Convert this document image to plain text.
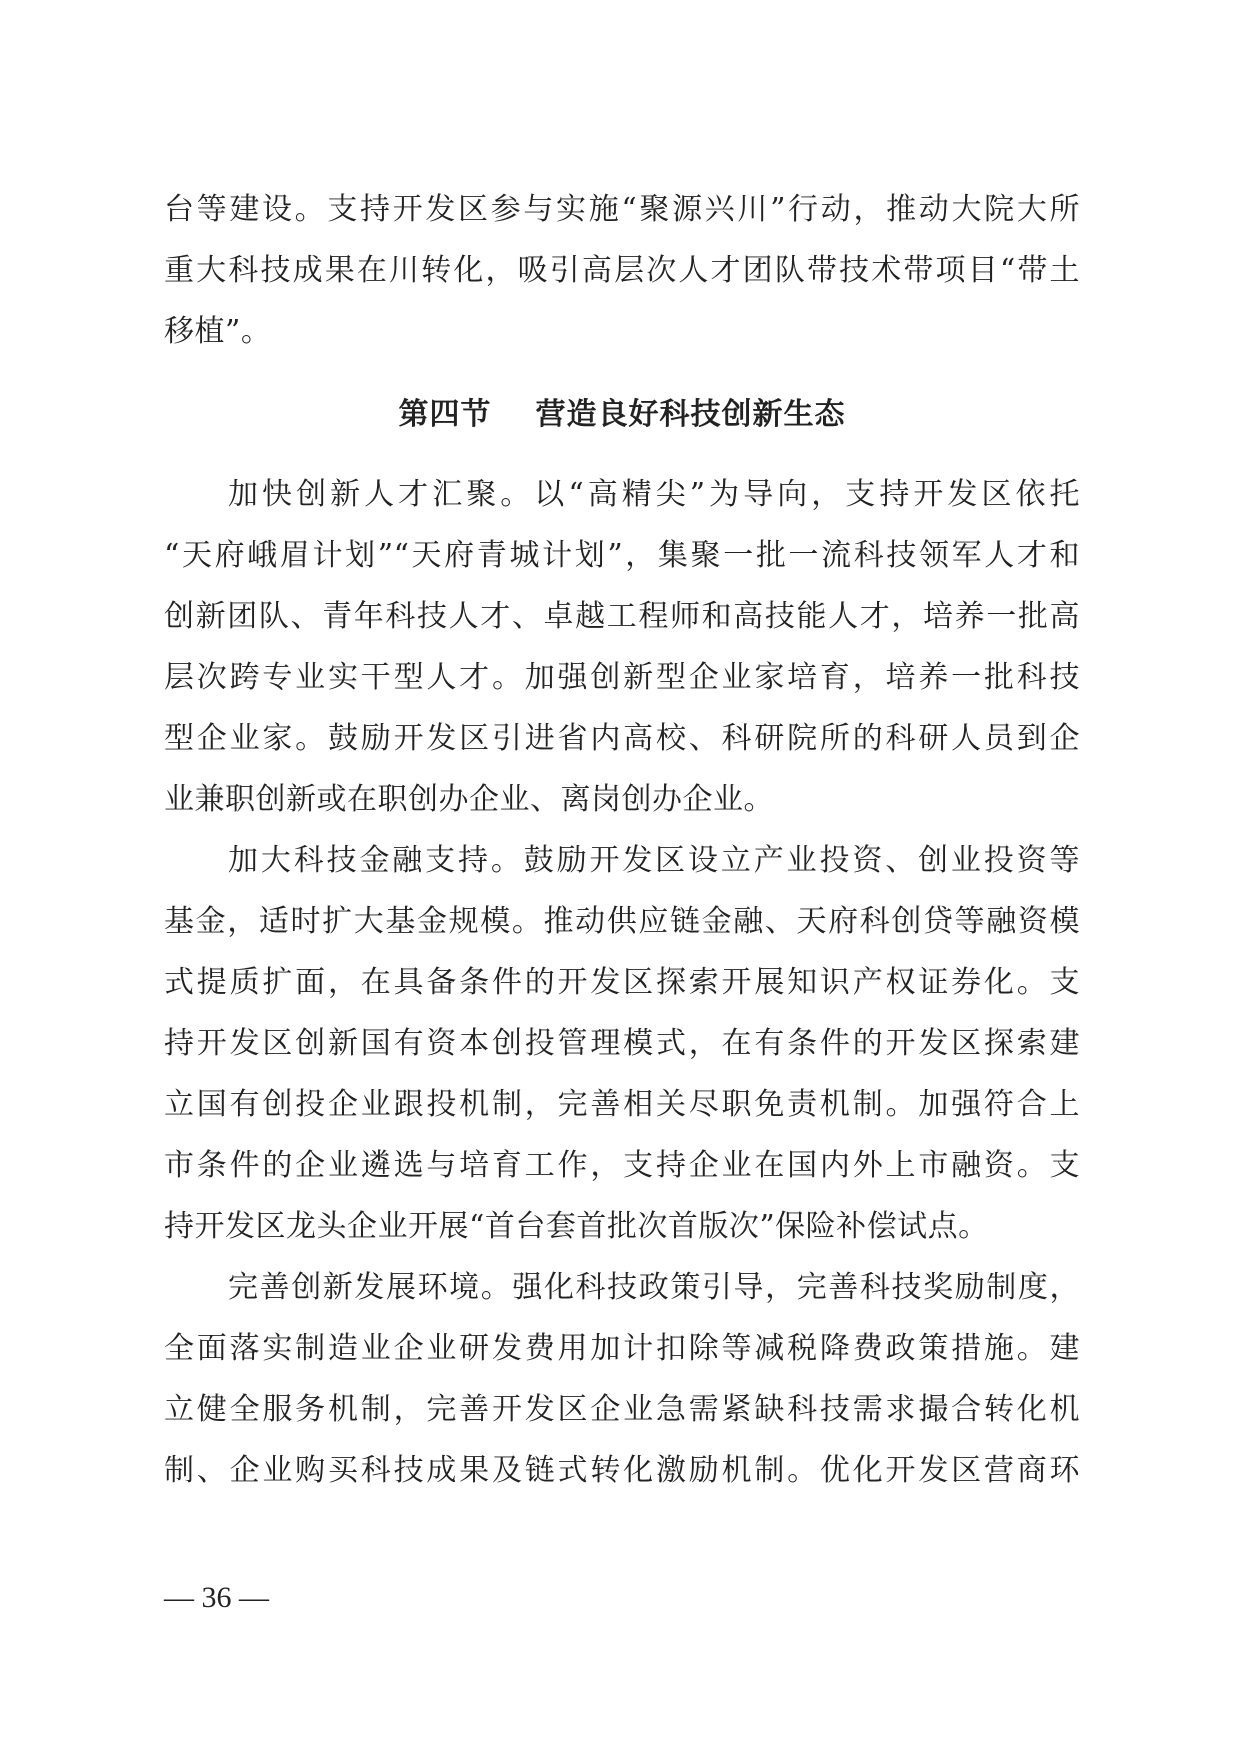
台等建设。支持开发区参与实施“聚源兴川”行动，推动大院大所
重大科技成果在川转化，吸引高层次人才团队带技术带项目“带土
移植”。
第四节 营造良好科技创新生态
加快创新人才汇聚。以“高精尖”为导向，支持开发区依托
“天府峨眉计划”“天府青城计划”，集聚一批一流科技领军人才和
创新团队、青年科技人才、卓越工程师和高技能人才，培养一批高
层次跨专业实干型人才。加强创新型企业家培育，培养一批科技
型企业家。鼓励开发区引进省内高校、科研院所的科研人员到企
业兼职创新或在职创办企业、离岗创办企业。
加大科技金融支持。鼓励开发区设立产业投资、创业投资等
基金，适时扩大基金规模。推动供应链金融、天府科创贷等融资模
式提质扩面，在具备条件的开发区探索开展知识产权证券化。支
持开发区创新国有资本创投管理模式，在有条件的开发区探索建
立国有创投企业跟投机制，完善相关尽职免责机制。加强符合上
市条件的企业遴选与培育工作，支持企业在国内外上市融资。支
持开发区龙头企业开展“首台套首批次首版次”保险补偿试点。
完善创新发展环境。强化科技政策引导，完善科技奖励制度，
全面落实制造业企业研发费用加计扣除等减税降费政策措施。建
立健全服务机制，完善开发区企业急需紧缺科技需求撮合转化机
制、企业购买科技成果及链式转化激励机制。优化开发区营商环
— 36 —
